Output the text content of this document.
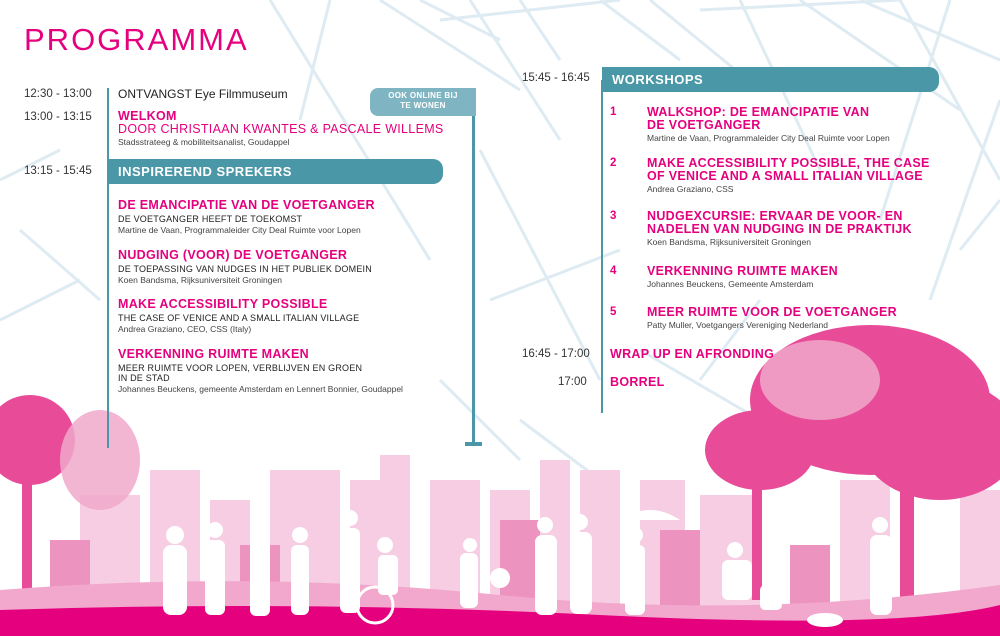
PROGRAMMA
12:30 - 13:00 ONTVANGST Eye Filmmuseum
13:00 - 13:15 WELKOM
DOOR CHRISTIAAN KWANTES & PASCALE WILLEMS
Stadsstrateeg & mobiliteitsanalist, Goudappel
OOK ONLINE BIJ
TE WONEN
13:15 - 15:45	INSPIREREND SPREKERS
DE EMANCIPATIE VAN DE VOETGANGER
DE VOETGANGER HEEFT DE TOEKOMST
Martine de Vaan, Programmaleider City Deal Ruimte voor Lopen
NUDGING (VOOR) DE VOETGANGER
DE TOEPASSING VAN NUDGES IN HET PUBLIEK DOMEIN
Koen Bandsma, Rijksuniversiteit Groningen
MAKE ACCESSIBILITY POSSIBLE
THE CASE OF VENICE AND A SMALL ITALIAN VILLAGE
Andrea Graziano, CEO, CSS (Italy)
VERKENNING RUIMTE MAKEN
MEER RUIMTE VOOR LOPEN, VERBLIJVEN EN GROEN
IN DE STAD
Johannes Beuckens, gemeente Amsterdam en Lennert Bonnier, Goudappel
15:45 - 16:45	WORKSHOPS
1 WALKSHOP: DE EMANCIPATIE VAN
DE VOETGANGER
Martine de Vaan, Programmaleider City Deal Ruimte voor Lopen
2 MAKE ACCESSIBILITY POSSIBLE, THE CASE
OF VENICE AND A SMALL ITALIAN VILLAGE
Andrea Graziano, CSS
3 NUDGEXCURSIE: ERVAAR DE VOOR- EN
NADELEN VAN NUDGING IN DE PRAKTIJK
Koen Bandsma, Rijksuniversiteit Groningen
4 VERKENNING RUIMTE MAKEN
Johannes Beuckens, Gemeente Amsterdam
5 MEER RUIMTE VOOR DE VOETGANGER
Patty Muller, Voetgangers Vereniging Nederland
16:45 - 17:00 WRAP UP EN AFRONDING
17:00 BORREL
